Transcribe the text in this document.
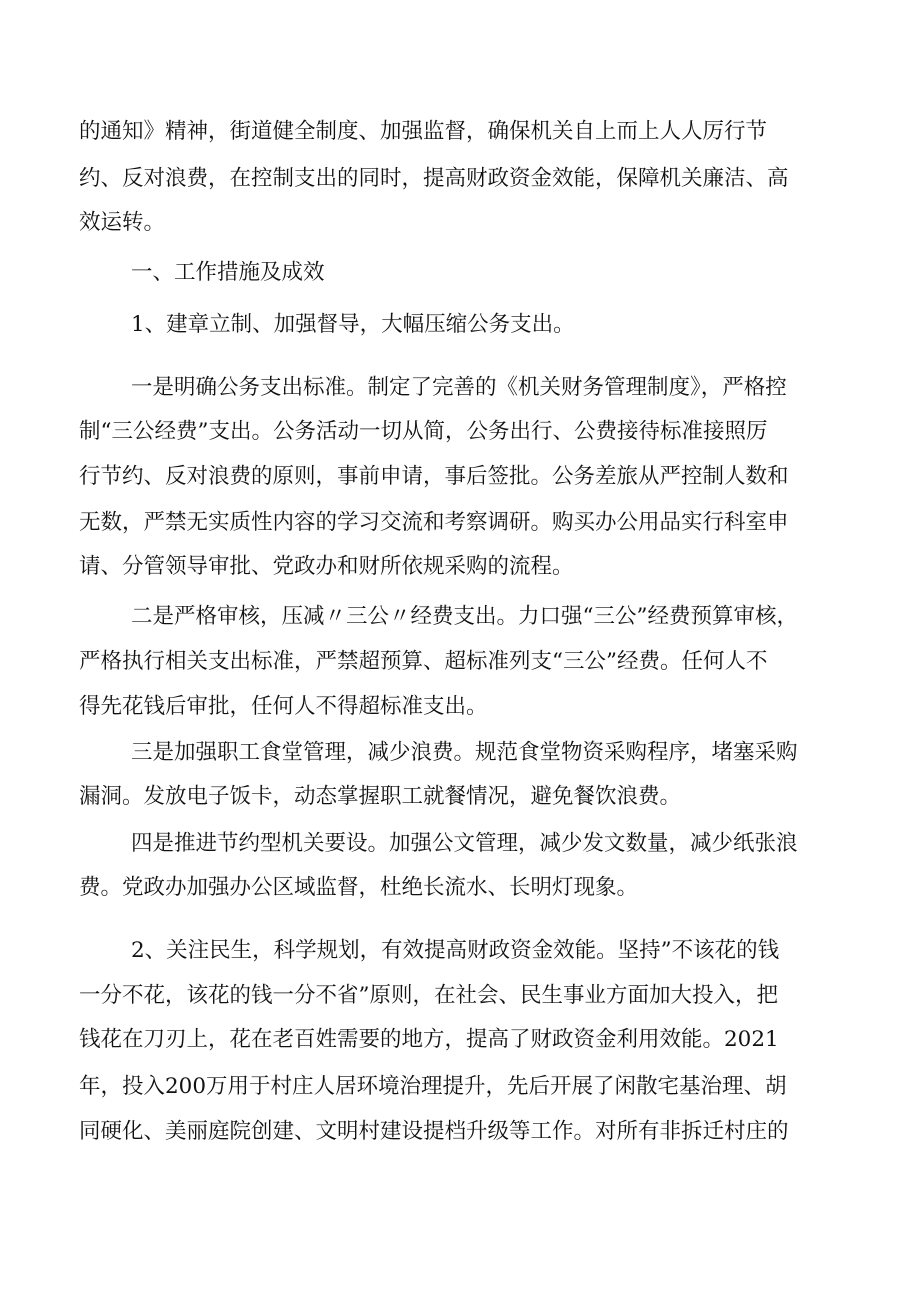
的通知》精神，街道健全制度、加强监督，确保机关自上而上人人厉行节

约、反对浪费，在控制支出的同时，提高财政资金效能，保障机关廉洁、高

效运转。

一、工作措施及成效

1、建章立制、加强督导，大幅压缩公务支出。

一是明确公务支出标准。制定了完善的《机关财务管理制度》，严格控

制“三公经费”支出。公务活动一切从简，公务出行、公费接待标准接照厉

行节约、反对浪费的原则，事前申请，事后签批。公务差旅从严控制人数和

无数，严禁无实质性内容的学习交流和考察调研。购买办公用品实行科室申

请、分管领导审批、党政办和财所依规采购的流程。

二是严格审核，压减〃三公〃经费支出。力口强“三公”经费预算审核，

严格执行相关支出标准，严禁超预算、超标准列支“三公”经费。任何人不

得先花钱后审批，任何人不得超标准支出。

三是加强职工食堂管理，减少浪费。规范食堂物资采购程序，堵塞采购

漏洞。发放电子饭卡，动态掌握职工就餐情况，避免餐饮浪费。

四是推进节约型机关要设。加强公文管理，减少发文数量，减少纸张浪

费。党政办加强办公区域监督，杜绝长流水、长明灯现象。

2、关注民生，科学规划，有效提高财政资金效能。坚持”不该花的钱

一分不花，该花的钱一分不省”原则，在社会、民生事业方面加大投入，把

钱花在刀刃上，花在老百姓需要的地方，提高了财政资金利用效能。2021

年，投入200万用于村庄人居环境治理提升，先后开展了闲散宅基治理、胡

同硬化、美丽庭院创建、文明村建设提档升级等工作。对所有非拆迁村庄的
